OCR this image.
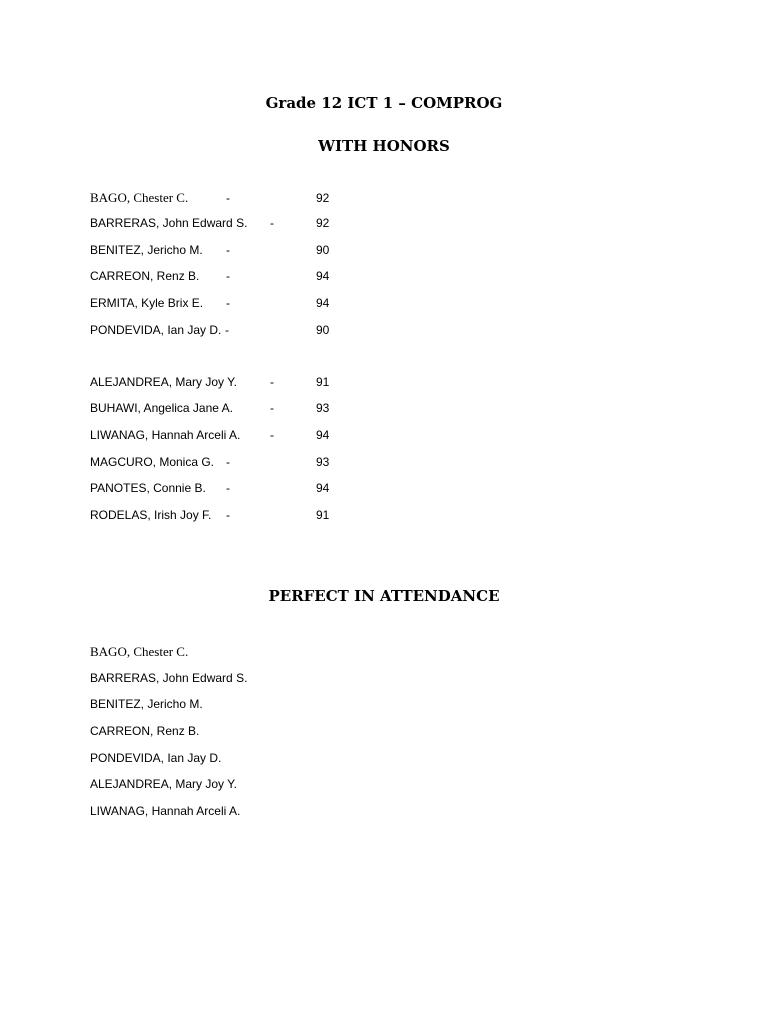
Grade 12 ICT 1 – COMPROG
WITH HONORS
BAGO, Chester C.	-	92
BARRERAS, John Edward S. -	92
BENITEZ, Jericho M. -	90
CARREON, Renz B. -	94
ERMITA, Kyle Brix E. -	94
PONDEVIDA, Ian Jay D. -	90
ALEJANDREA, Mary Joy Y.	-	91
BUHAWI, Angelica Jane A.	-	93
LIWANAG, Hannah Arceli A. -	94
MAGCURO, Monica G. -	93
PANOTES, Connie B. -	94
RODELAS, Irish Joy F. -	91
PERFECT IN ATTENDANCE
BAGO, Chester C.
BARRERAS, John Edward S.
BENITEZ, Jericho M.
CARREON, Renz B.
PONDEVIDA, Ian Jay D.
ALEJANDREA, Mary Joy Y.
LIWANAG, Hannah Arceli A.
